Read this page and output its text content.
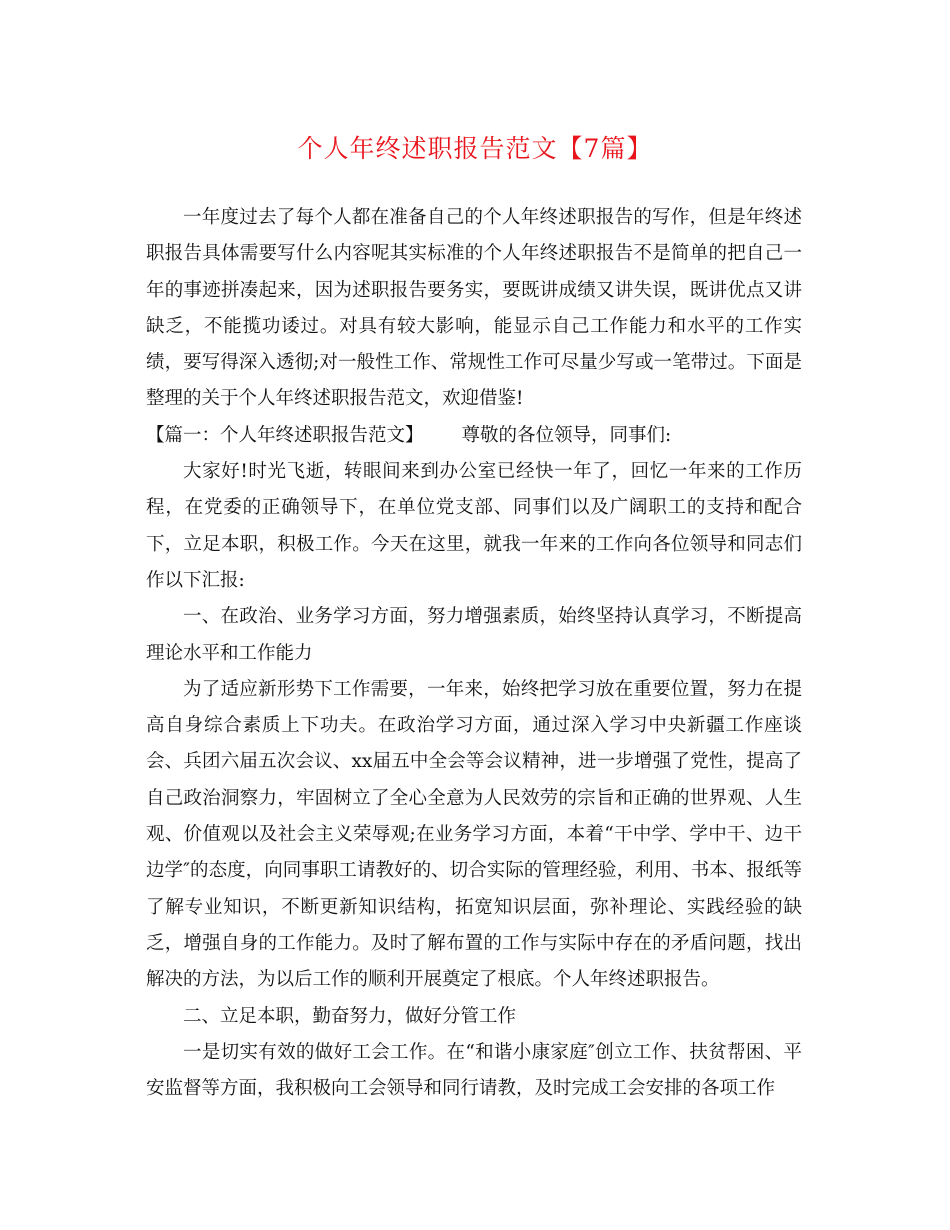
个人年终述职报告范文【7篇】

一年度过去了每个人都在准备自己的个人年终述职报告的写作，但是年终述职报告具体需要写什么内容呢其实标准的个人年终述职报告不是简单的把自己一年的事迹拼凑起来，因为述职报告要务实，要既讲成绩又讲失误，既讲优点又讲缺乏，不能揽功诿过。对具有较大影响，能显示自己工作能力和水平的工作实绩，要写得深入透彻;对一般性工作、常规性工作可尽量少写或一笔带过。下面是整理的关于个人年终述职报告范文，欢迎借鉴!

【篇一：个人年终述职报告范文】 尊敬的各位领导，同事们:

大家好!时光飞逝，转眼间来到办公室已经快一年了，回忆一年来的工作历程，在党委的正确领导下，在单位党支部、同事们以及广阔职工的支持和配合下，立足本职，积极工作。今天在这里，就我一年来的工作向各位领导和同志们作以下汇报:

一、在政治、业务学习方面，努力增强素质，始终坚持认真学习，不断提高理论水平和工作能力

为了适应新形势下工作需要，一年来，始终把学习放在重要位置，努力在提高自身综合素质上下功夫。在政治学习方面，通过深入学习中央新疆工作座谈会、兵团六届五次会议、xx届五中全会等会议精神，进一步增强了党性，提高了自己政治洞察力，牢固树立了全心全意为人民效劳的宗旨和正确的世界观、人生观、价值观以及社会主义荣辱观;在业务学习方面，本着“干中学、学中干、边干边学″的态度，向同事职工请教好的、切合实际的管理经验，利用、书本、报纸等了解专业知识，不断更新知识结构，拓宽知识层面，弥补理论、实践经验的缺乏，增强自身的工作能力。及时了解布置的工作与实际中存在的矛盾问题，找出解决的方法，为以后工作的顺利开展奠定了根底。个人年终述职报告。

二、立足本职，勤奋努力，做好分管工作

一是切实有效的做好工会工作。在“和谐小康家庭″创立工作、扶贫帮困、平安监督等方面，我积极向工会领导和同行请教，及时完成工会安排的各项工作
